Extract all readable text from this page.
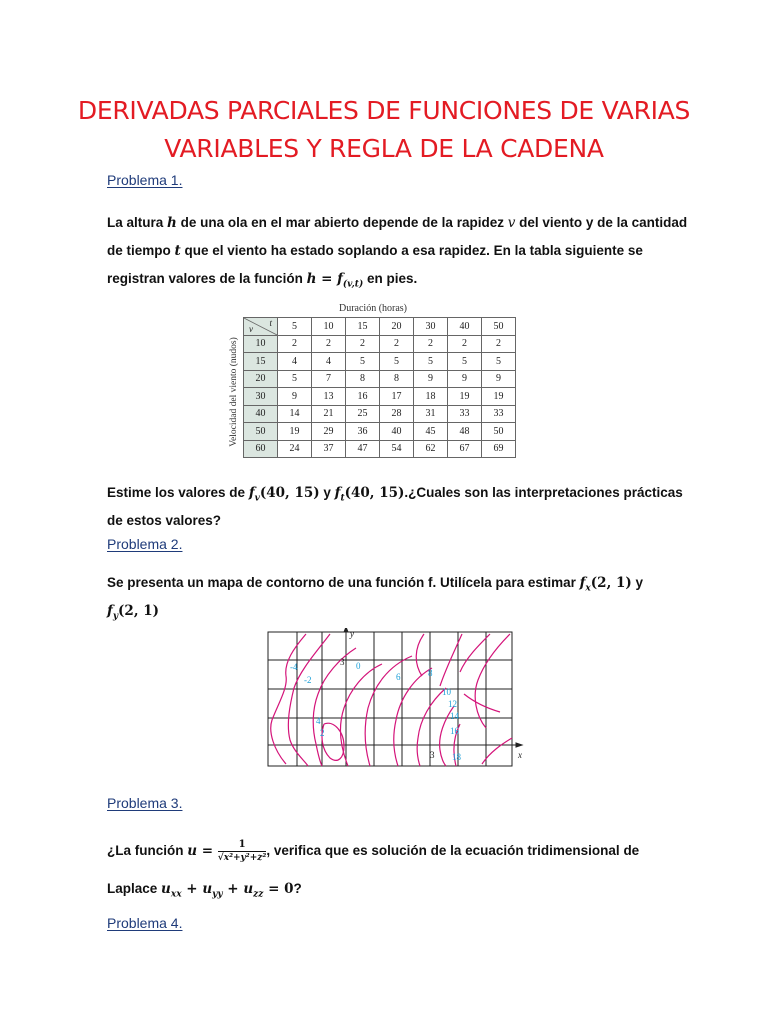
DERIVADAS PARCIALES DE FUNCIONES DE VARIAS
VARIABLES Y REGLA DE LA CADENA
Problema 1.
La altura h de una ola en el mar abierto depende de la rapidez v del viento y de la cantidad
de tiempo t que el viento ha estado soplando a esa rapidez. En la tabla siguiente se
registran valores de la función $h = f_{(v,t)}$ en pies.
Duración (horas)
Velocidad del viento (nudos)
v
t	5	10	15	20	30	40	50
10	2	2	2	2	2	2	2
15	4	4	5	5	5	5	5
20	5	7	8	8	9	9	9
30	9	13	16	17	18	19	19
40	14	21	25	28	31	33	33
50	19	29	36	40	45	48	50
60	24	37	47	54	62	67	69
Estime los valores de $f_v(40$, 15) y $f_t(40$, 15).¿Cuales son las interpretaciones prácticas
de estos valores?
Problema 2.
Se presenta un mapa de contorno de una función f. Utilícela para estimar $f_x(2$, 1) y
$f_y(2$, 1)
y
x
3
3
-4
-2
0
6	8
10
12
14
16
18
4
2
Problema 3.
¿La función $u = \frac{1}{\text{√x²+y²+z²}}$ , verifica que es solución de la ecuación tridimensional de
Laplace $u_{xx} + u_{yy} + u_{zz} = 0$?
Problema 4.
